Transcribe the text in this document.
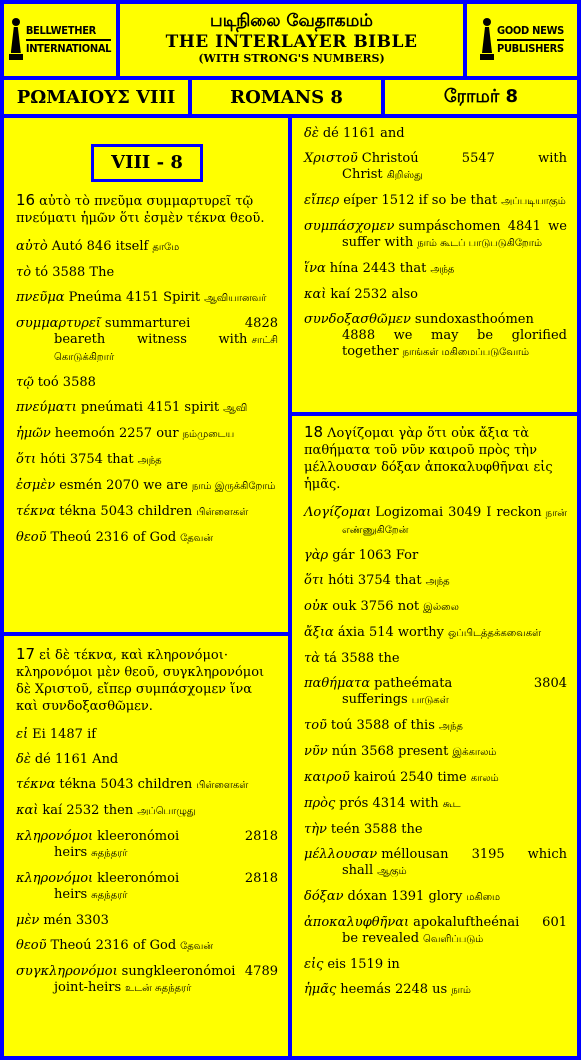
BELLWETHER
INTERNATIONAL
படிநிலை வேதாகமம்
THE INTERLAYER BIBLE
(WITH STRONG'S NUMBERS)
GOOD NEWS
PUBLISHERS
ΡΩΜΑΙΟΥΣ VIII	ROMANS 8	ரோமர் 8
VIII - 8
16 αὐτὸ τὸ πνεῦμα συμμαρτυρεῖ τῷ πνεύματι ἡμῶν ὅτι ἐσμὲν τέκνα θεοῦ.
αὐτὸ Autó 846 itself தாமே
τὸ tó 3588 The
πνεῦμα Pneúma 4151 Spirit ஆவியானவர்
συμμαρτυρεῖ summarturei 4828 beareth witness with சாட்சி கொடுக்கிறார்
τῷ toó 3588
πνεύματι pneúmati 4151 spirit ஆவி
ἡμῶν heemoón 2257 our நம்முடைய
ὅτι hóti 3754 that அந்த
ἐσμὲν esmén 2070 we are நாம் இருக்கிறோம்
τέκνα tékna 5043 children பிள்ளைகள்
θεοῦ Theoú 2316 of God தேவன்
17 εἰ δὲ τέκνα, καὶ κληρονόμοι· κληρονόμοι μὲν θεοῦ, συγκληρονόμοι δὲ Χριστοῦ, εἴπερ συμπάσχομεν ἵνα καὶ συνδοξασθῶμεν.
εἰ Ei 1487 if
δὲ dé 1161 And
τέκνα tékna 5043 children பிள்ளைகள்
καὶ kaí 2532 then அப்பொழுது
κληρονόμοι kleeronómoi 2818 heirs சுதந்தரர்
κληρονόμοι kleeronómoi 2818 heirs சுதந்தரர்
μὲν mén 3303
θεοῦ Theoú 2316 of God தேவன்
συγκληρονόμοι sungkleeronómoi 4789 joint-heirs உடன் சுதந்தரர்
δὲ dé 1161 and
Χριστοῦ Christoú 5547 with Christ கிறிஸ்து
εἴπερ eíper 1512 if so be that அப்படியாகும்
συμπάσχομεν sumpáschomen 4841 we suffer with நாம் கூடப் பாடுபடுகிறோம்
ἵνα hína 2443 that அந்த
καὶ kaí 2532 also
συνδοξασθῶμεν sundoxasthoómen 4888 we may be glorified together நாங்கள் மகிமைப்படுவோம்
18 Λογίζομαι γὰρ ὅτι οὐκ ἄξια τὰ παθήματα τοῦ νῦν καιροῦ πρὸς τὴν μέλλουσαν δόξαν ἀποκαλυφθῆναι εἰς ἡμᾶς.
Λογίζομαι Logizomai 3049 I reckon நான் எண்ணுகிறேன்
γὰρ gár 1063 For
ὅτι hóti 3754 that அந்த
οὐκ ouk 3756 not இல்லை
ἄξια áxia 514 worthy ஒப்பிடத்தக்கவைகள்
τὰ tá 3588 the
παθήματα patheémata 3804 sufferings பாடுகள்
τοῦ toú 3588 of this அந்த
νῦν nún 3568 present இக்காலம்
καιροῦ kairoú 2540 time காலம்
πρὸς prós 4314 with கூட
τὴν teén 3588 the
μέλλουσαν méllousan 3195 which shall ஆகும்
δόξαν dóxan 1391 glory மகிமை
ἀποκαλυφθῆναι apokaluftheénai 601 be revealed வெளிப்படும்
εἰς eis 1519 in
ἡμᾶς heemás 2248 us நாம்
